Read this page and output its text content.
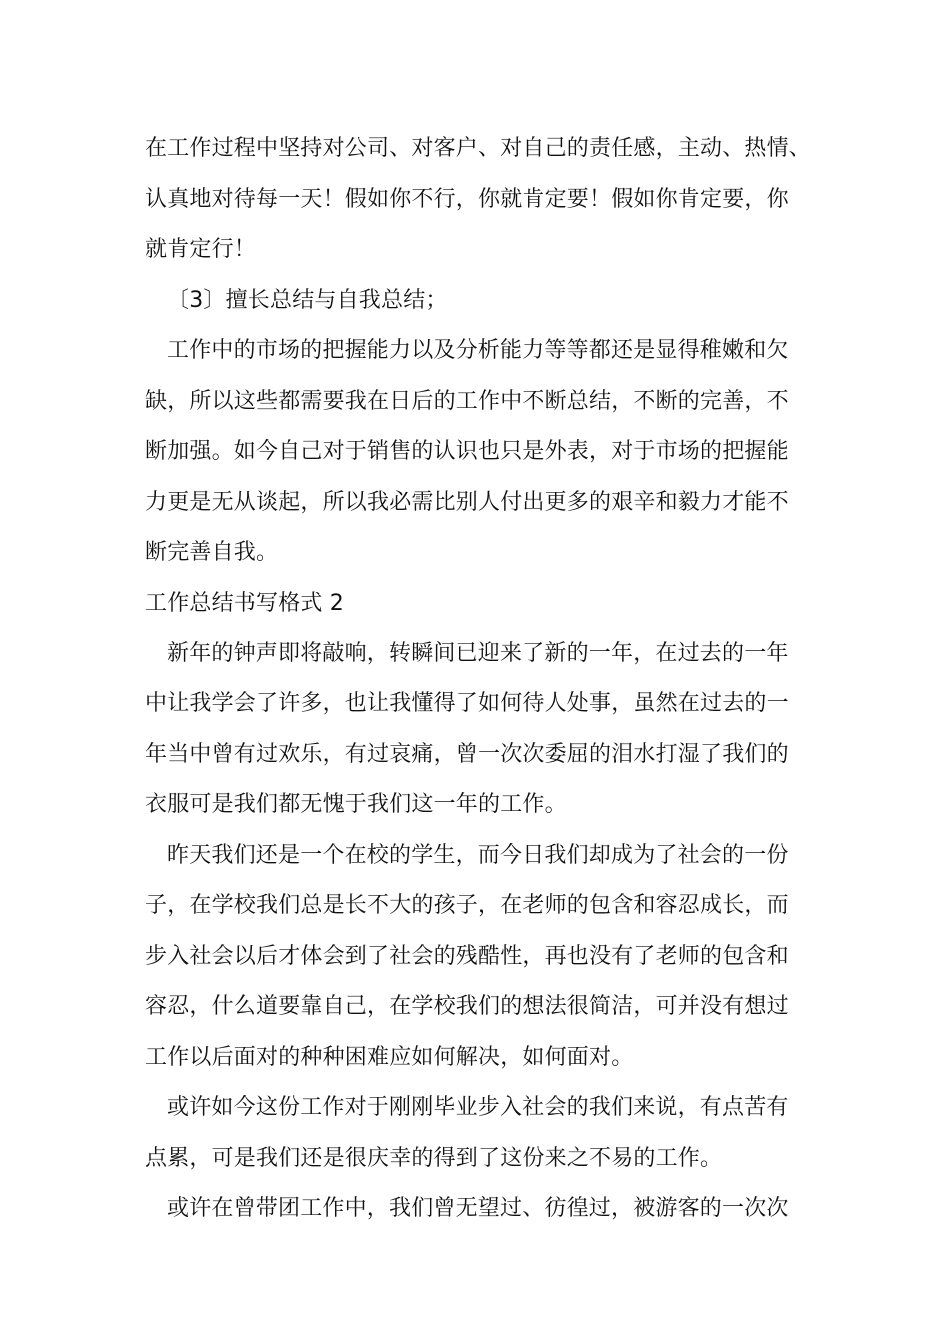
在工作过程中坚持对公司、对客户、对自己的责任感，主动、热情、
认真地对待每一天！假如你不行，你就肯定要！假如你肯定要，你
就肯定行！
〔3〕擅长总结与自我总结；
工作中的市场的把握能力以及分析能力等等都还是显得稚嫩和欠
缺，所以这些都需要我在日后的工作中不断总结，不断的完善，不
断加强。如今自己对于销售的认识也只是外表，对于市场的把握能
力更是无从谈起，所以我必需比别人付出更多的艰辛和毅力才能不
断完善自我。
工作总结书写格式 2
新年的钟声即将敲响，转瞬间已迎来了新的一年，在过去的一年
中让我学会了许多，也让我懂得了如何待人处事，虽然在过去的一
年当中曾有过欢乐，有过哀痛，曾一次次委屈的泪水打湿了我们的
衣服可是我们都无愧于我们这一年的工作。
昨天我们还是一个在校的学生，而今日我们却成为了社会的一份
子，在学校我们总是长不大的孩子，在老师的包含和容忍成长，而
步入社会以后才体会到了社会的残酷性，再也没有了老师的包含和
容忍，什么道要靠自己，在学校我们的想法很简洁，可并没有想过
工作以后面对的种种困难应如何解决，如何面对。
或许如今这份工作对于刚刚毕业步入社会的我们来说，有点苦有
点累，可是我们还是很庆幸的得到了这份来之不易的工作。
或许在曾带团工作中，我们曾无望过、彷徨过，被游客的一次次
